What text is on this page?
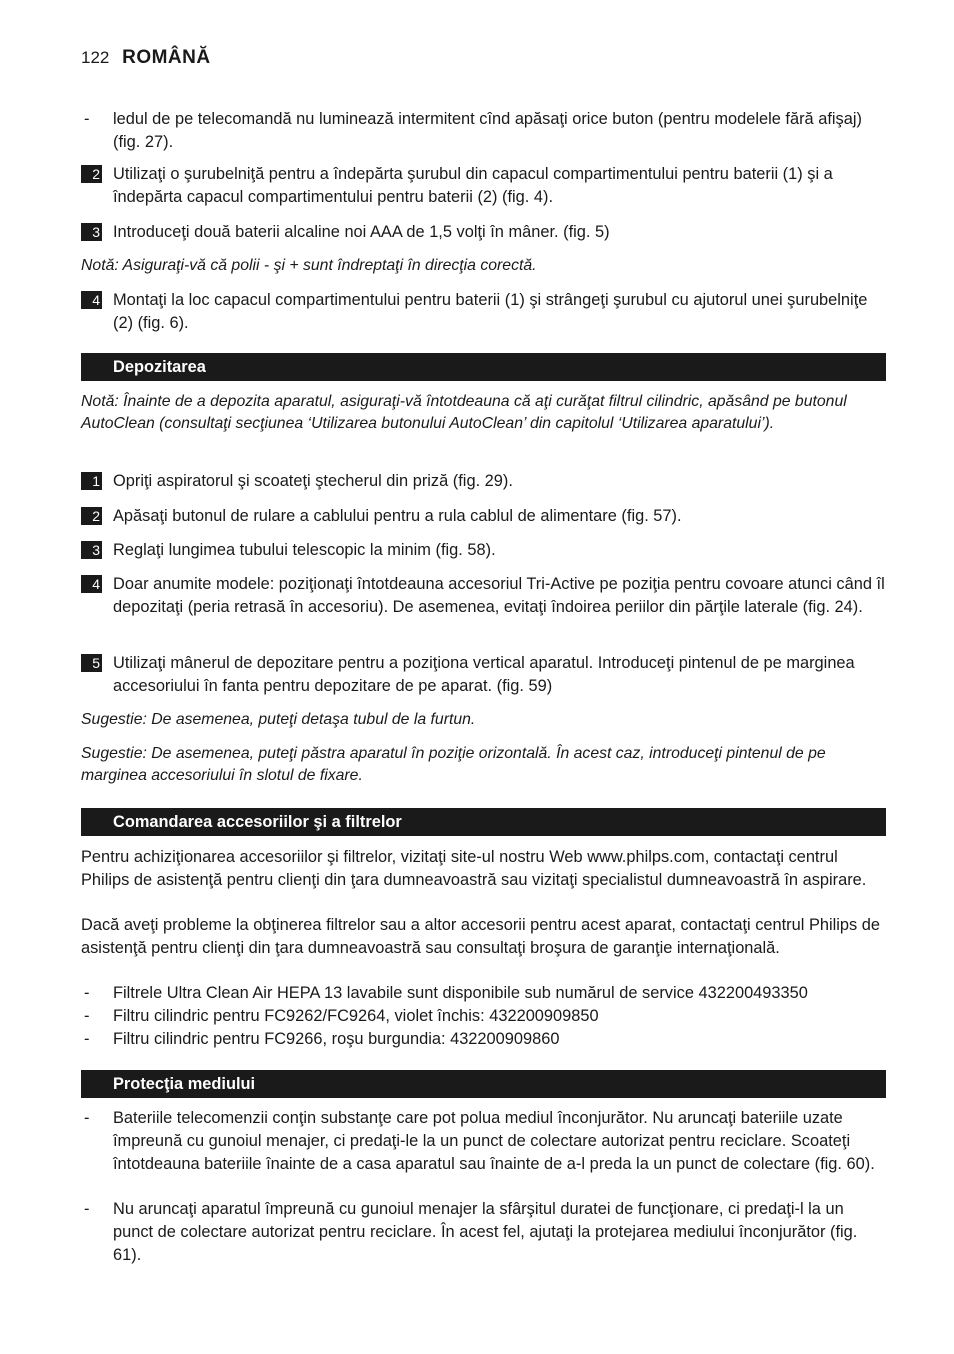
122 ROMÂNĂ
- ledul de pe telecomandă nu luminează intermitent cînd apăsaţi orice buton (pentru modelele fără afişaj) (fig. 27).
2 Utilizaţi o şurubelniţă pentru a îndepărta şurubul din capacul compartimentului pentru baterii (1) şi a îndepărta capacul compartimentului pentru baterii (2) (fig. 4).
3 Introduceţi două baterii alcaline noi AAA de 1,5 volţi în mâner. (fig. 5)
Notă: Asiguraţi-vă că polii - şi + sunt îndreptaţi în direcţia corectă.
4 Montaţi la loc capacul compartimentului pentru baterii (1) şi strângeţi şurubul cu ajutorul unei şurubelniţe (2) (fig. 6).
Depozitarea
Notă: Înainte de a depozita aparatul, asiguraţi-vă întotdeauna că aţi curăţat filtrul cilindric, apăsând pe butonul AutoClean (consultaţi secţiunea ‘Utilizarea butonului AutoClean’ din capitolul ‘Utilizarea aparatului’).
1 Opriţi aspiratorul şi scoateţi ştecherul din priză (fig. 29).
2 Apăsaţi butonul de rulare a cablului pentru a rula cablul de alimentare (fig. 57).
3 Reglaţi lungimea tubului telescopic la minim (fig. 58).
4 Doar anumite modele: poziţionaţi întotdeauna accesoriul Tri-Active pe poziţia pentru covoare atunci când îl depozitaţi (peria retrasă în accesoriu). De asemenea, evitaţi îndoirea periilor din părţile laterale (fig. 24).
5 Utilizaţi mânerul de depozitare pentru a poziţiona vertical aparatul. Introduceţi pintenul de pe marginea accesoriului în fanta pentru depozitare de pe aparat. (fig. 59)
Sugestie: De asemenea, puteţi detaşa tubul de la furtun.
Sugestie: De asemenea, puteţi păstra aparatul în poziţie orizontală. În acest caz, introduceţi pintenul de pe marginea accesoriului în slotul de fixare.
Comandarea accesoriilor şi a filtrelor
Pentru achiziţionarea accesoriilor şi filtrelor, vizitaţi site-ul nostru Web www.philps.com, contactaţi centrul Philips de asistenţă pentru clienţi din ţara dumneavoastră sau vizitaţi specialistul dumneavoastră în aspirare.
Dacă aveţi probleme la obţinerea filtrelor sau a altor accesorii pentru acest aparat, contactaţi centrul Philips de asistenţă pentru clienţi din ţara dumneavoastră sau consultaţi broşura de garanţie internaţională.
- Filtrele Ultra Clean Air HEPA 13 lavabile sunt disponibile sub numărul de service 432200493350
- Filtru cilindric pentru FC9262/FC9264, violet închis: 432200909850
- Filtru cilindric pentru FC9266, roşu burgundia: 432200909860
Protecţia mediului
- Bateriile telecomenzii conţin substanţe care pot polua mediul înconjurător. Nu aruncaţi bateriile uzate împreună cu gunoiul menajer, ci predaţi-le la un punct de colectare autorizat pentru reciclare. Scoateţi întotdeauna bateriile înainte de a casa aparatul sau înainte de a-l preda la un punct de colectare (fig. 60).
- Nu aruncaţi aparatul împreună cu gunoiul menajer la sfârşitul duratei de funcţionare, ci predaţi-l la un punct de colectare autorizat pentru reciclare. În acest fel, ajutaţi la protejarea mediului înconjurător (fig. 61).
